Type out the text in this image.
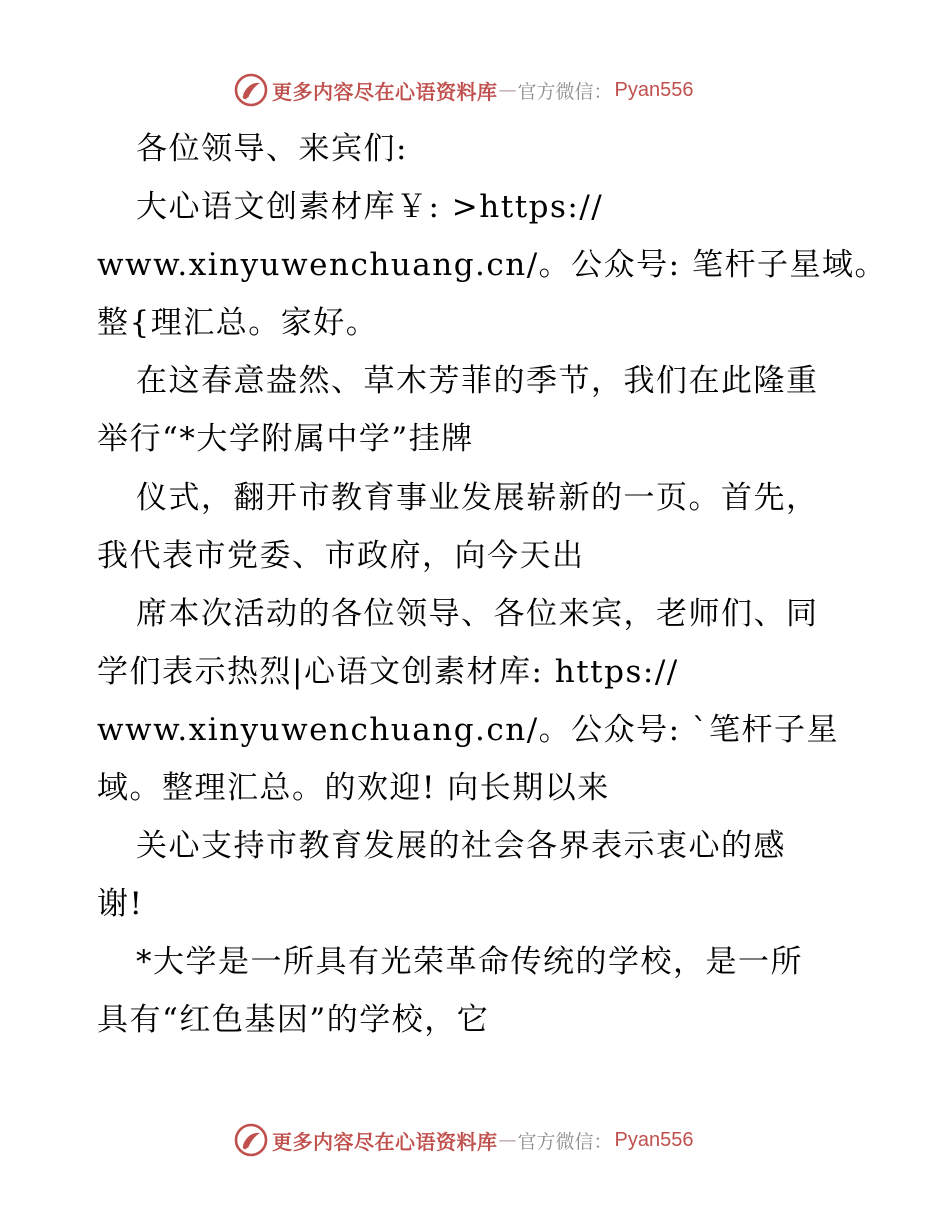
更多内容尽在心语资料库 — 官方微信： Pyan556
各位领导、来宾们:
大心语文创素材库￥: >https://
www.xinyuwenchuang.cn/。公众号: 笔杆子星域。
整{理汇总。家好。
在这春意盎然、草木芳菲的季节，我们在此隆重
举行“*大学附属中学”挂牌
仪式，翻开市教育事业发展崭新的一页。首先，
我代表市党委、市政府，向今天出
席本次活动的各位领导、各位来宾，老师们、同
学们表示热烈|心语文创素材库: https://
www.xinyuwenchuang.cn/。公众号: `笔杆子星
域。整理汇总。的欢迎! 向长期以来
关心支持市教育发展的社会各界表示衷心的感
谢!
*大学是一所具有光荣革命传统的学校，是一所
具有“红色基因”的学校，它
更多内容尽在心语资料库 — 官方微信： Pyan556
